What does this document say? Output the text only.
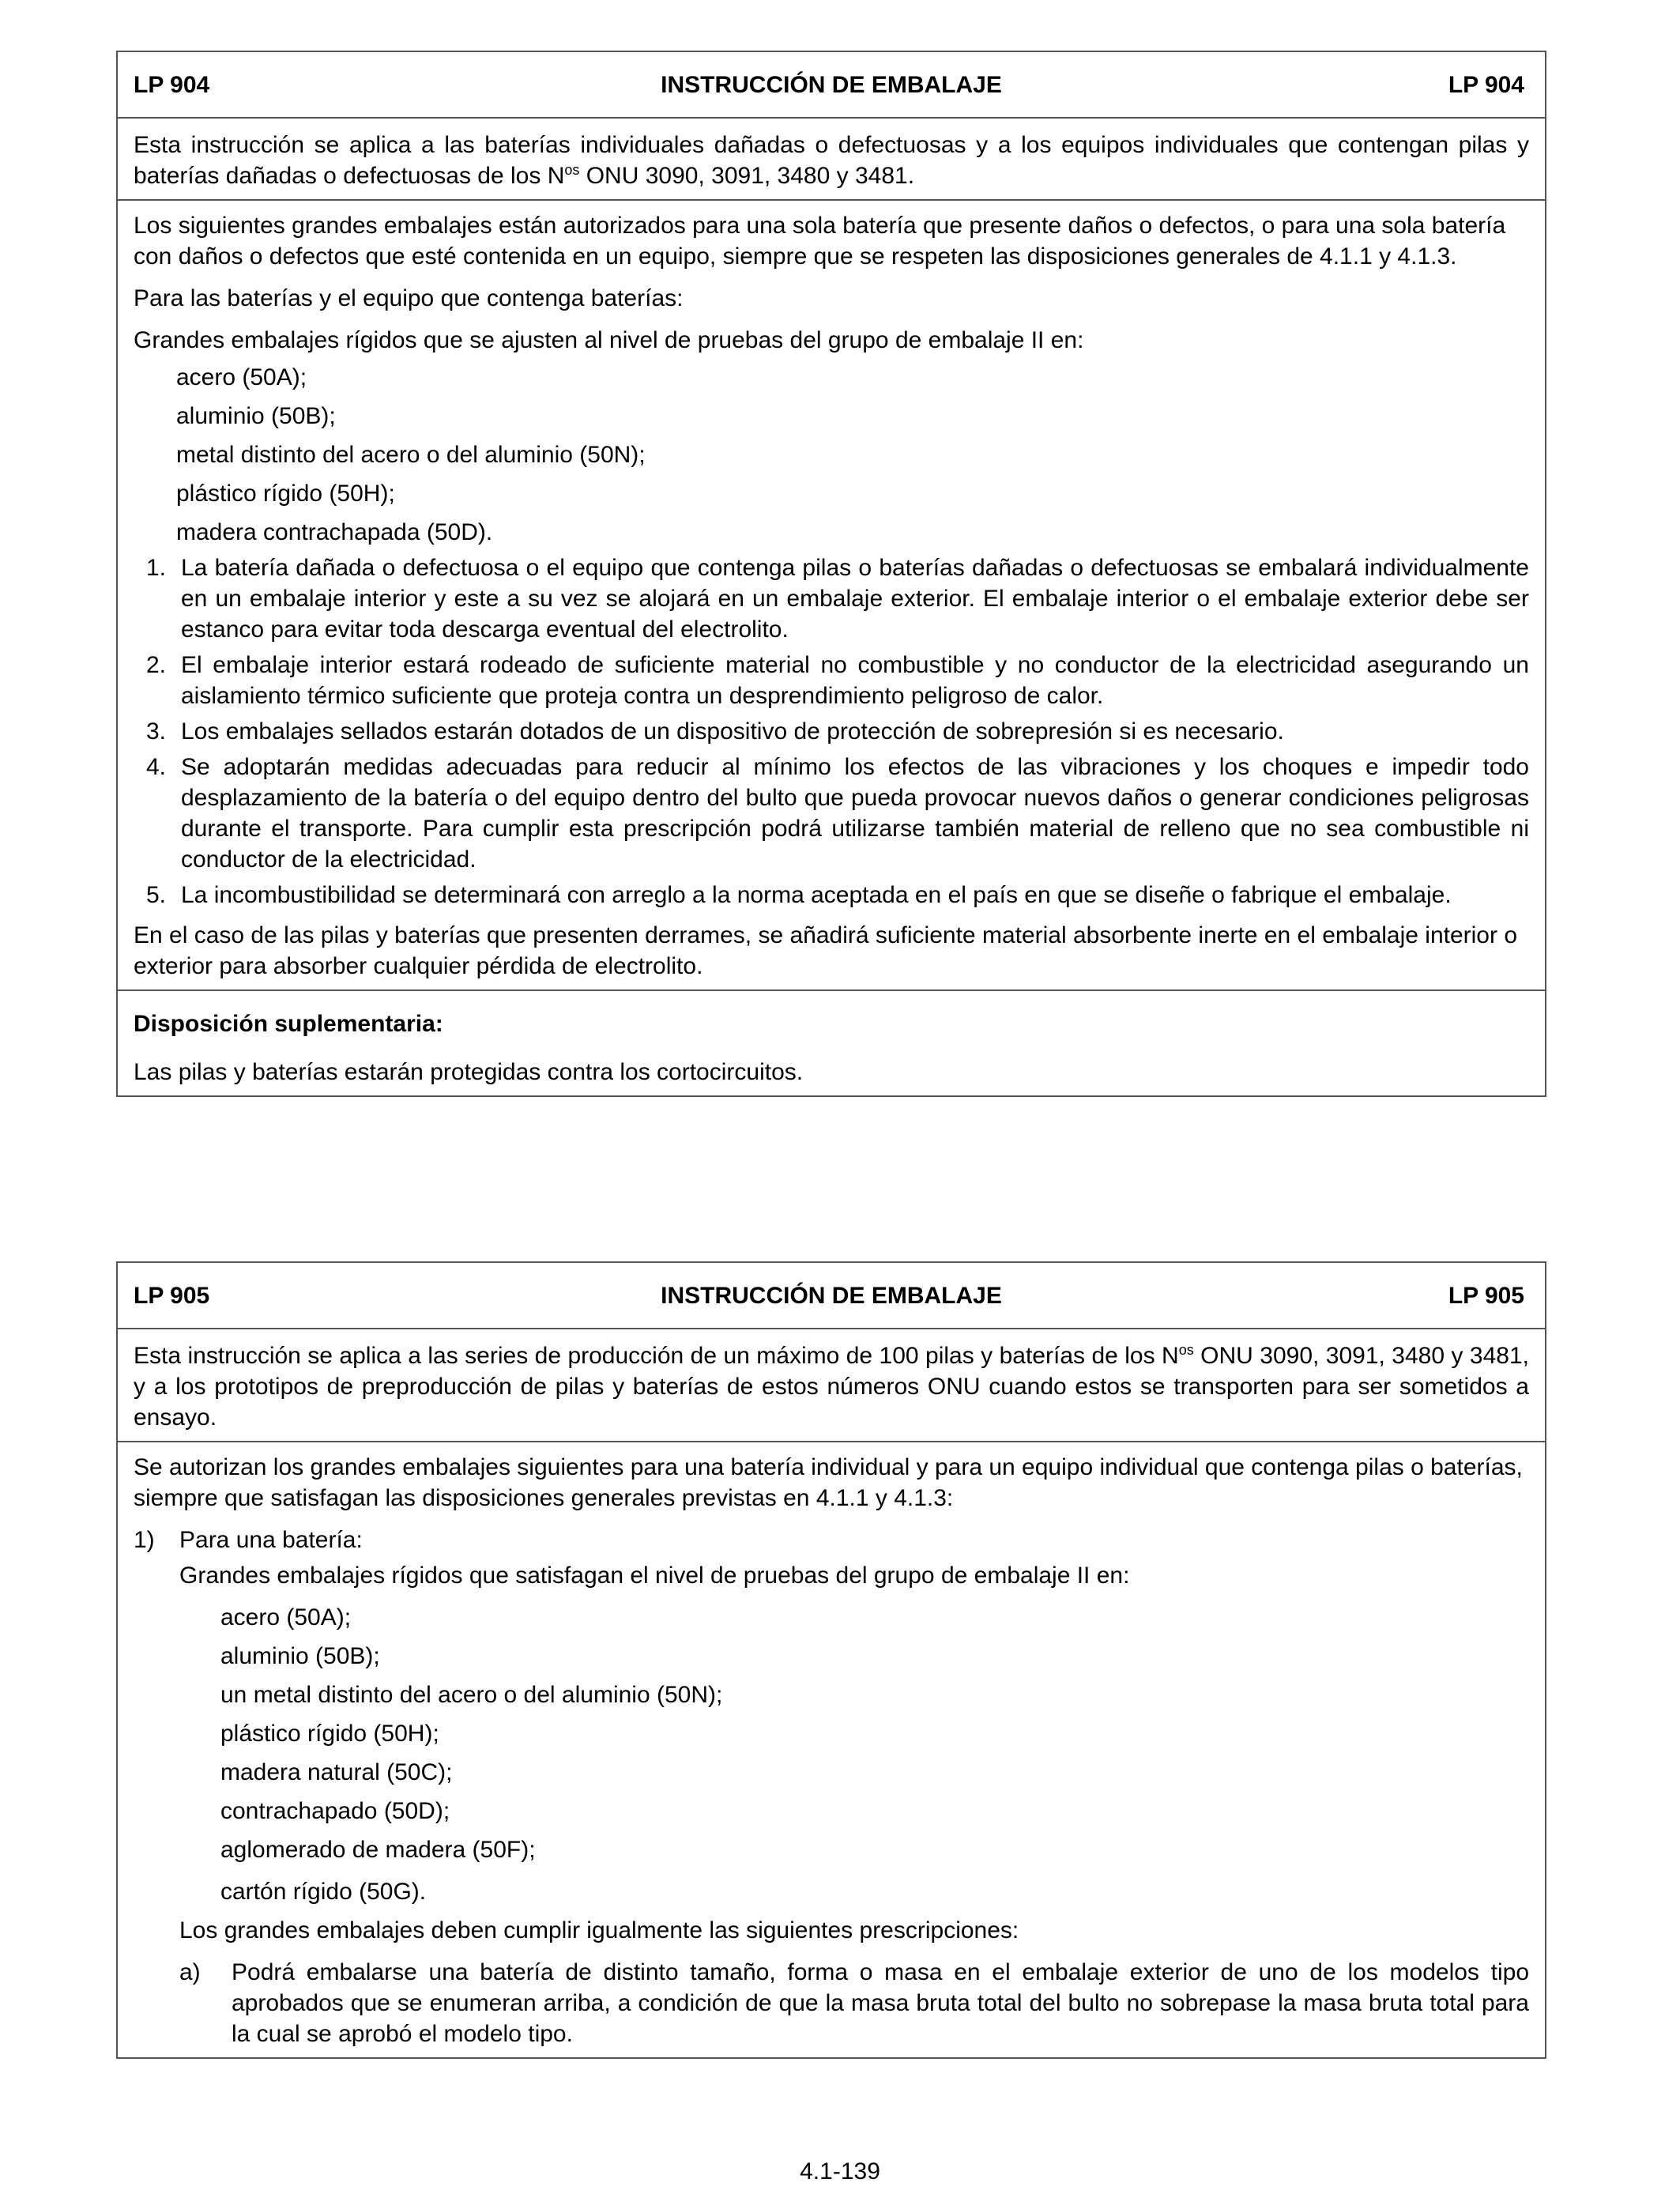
LP 904	INSTRUCCIÓN DE EMBALAJE	LP 904

Esta instrucción se aplica a las baterías individuales dañadas o defectuosas y a los equipos individuales que contengan pilas y baterías dañadas o defectuosas de los $N^{os}$ ONU 3090, 3091, 3480 y 3481.

Los siguientes grandes embalajes están autorizados para una sola batería que presente daños o defectos, o para una sola batería con daños o defectos que esté contenida en un equipo, siempre que se respeten las disposiciones generales de 4.1.1 y 4.1.3.

Para las baterías y el equipo que contenga baterías:

Grandes embalajes rígidos que se ajusten al nivel de pruebas del grupo de embalaje II en:

acero (50A);

aluminio (50B);

metal distinto del acero o del aluminio (50N);

plástico rígido (50H);

madera contrachapada (50D).

1. La batería dañada o defectuosa o el equipo que contenga pilas o baterías dañadas o defectuosas se embalará individualmente en un embalaje interior y este a su vez se alojará en un embalaje exterior. El embalaje interior o el embalaje exterior debe ser estanco para evitar toda descarga eventual del electrolito.
2. El embalaje interior estará rodeado de suficiente material no combustible y no conductor de la electricidad asegurando un aislamiento térmico suficiente que proteja contra un desprendimiento peligroso de calor.
3. Los embalajes sellados estarán dotados de un dispositivo de protección de sobrepresión si es necesario.
4. Se adoptarán medidas adecuadas para reducir al mínimo los efectos de las vibraciones y los choques e impedir todo desplazamiento de la batería o del equipo dentro del bulto que pueda provocar nuevos daños o generar condiciones peligrosas durante el transporte. Para cumplir esta prescripción podrá utilizarse también material de relleno que no sea combustible ni conductor de la electricidad.
5. La incombustibilidad se determinará con arreglo a la norma aceptada en el país en que se diseñe o fabrique el embalaje.

En el caso de las pilas y baterías que presenten derrames, se añadirá suficiente material absorbente inerte en el embalaje interior o exterior para absorber cualquier pérdida de electrolito.

Disposición suplementaria:

Las pilas y baterías estarán protegidas contra los cortocircuitos.

LP 905	INSTRUCCIÓN DE EMBALAJE	LP 905

Esta instrucción se aplica a las series de producción de un máximo de 100 pilas y baterías de los $N^{os}$ ONU 3090, 3091, 3480 y 3481, y a los prototipos de preproducción de pilas y baterías de estos números ONU cuando estos se transporten para ser sometidos a ensayo.

Se autorizan los grandes embalajes siguientes para una batería individual y para un equipo individual que contenga pilas o baterías, siempre que satisfagan las disposiciones generales previstas en 4.1.1 y 4.1.3:

1)	Para una batería:

Grandes embalajes rígidos que satisfagan el nivel de pruebas del grupo de embalaje II en:

acero (50A);

aluminio (50B);

un metal distinto del acero o del aluminio (50N);

plástico rígido (50H);

madera natural (50C);

contrachapado (50D);

aglomerado de madera (50F);

cartón rígido (50G).

Los grandes embalajes deben cumplir igualmente las siguientes prescripciones:

a)	Podrá embalarse una batería de distinto tamaño, forma o masa en el embalaje exterior de uno de los modelos tipo aprobados que se enumeran arriba, a condición de que la masa bruta total del bulto no sobrepase la masa bruta total para la cual se aprobó el modelo tipo.
4.1-139
